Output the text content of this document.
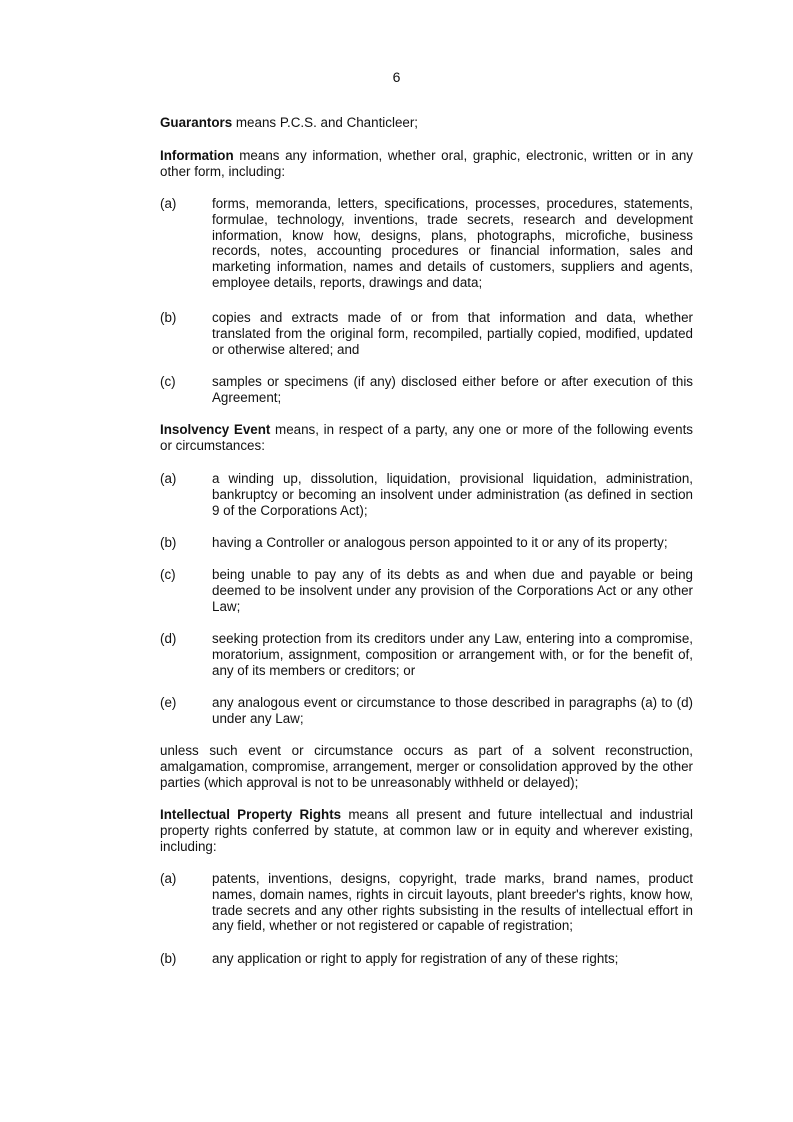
6
Guarantors means P.C.S. and Chanticleer;
Information means any information, whether oral, graphic, electronic, written or in any other form, including:
(a)	forms, memoranda, letters, specifications, processes, procedures, statements, formulae, technology, inventions, trade secrets, research and development information, know how, designs, plans, photographs, microfiche, business records, notes, accounting procedures or financial information, sales and marketing information, names and details of customers, suppliers and agents, employee details, reports, drawings and data;
(b)	copies and extracts made of or from that information and data, whether translated from the original form, recompiled, partially copied, modified, updated or otherwise altered; and
(c)	samples or specimens (if any) disclosed either before or after execution of this Agreement;
Insolvency Event means, in respect of a party, any one or more of the following events or circumstances:
(a)	a winding up, dissolution, liquidation, provisional liquidation, administration, bankruptcy or becoming an insolvent under administration (as defined in section 9 of the Corporations Act);
(b)	having a Controller or analogous person appointed to it or any of its property;
(c)	being unable to pay any of its debts as and when due and payable or being deemed to be insolvent under any provision of the Corporations Act or any other Law;
(d)	seeking protection from its creditors under any Law, entering into a compromise, moratorium, assignment, composition or arrangement with, or for the benefit of, any of its members or creditors; or
(e)	any analogous event or circumstance to those described in paragraphs (a) to (d) under any Law;
unless such event or circumstance occurs as part of a solvent reconstruction, amalgamation, compromise, arrangement, merger or consolidation approved by the other parties (which approval is not to be unreasonably withheld or delayed);
Intellectual Property Rights means all present and future intellectual and industrial property rights conferred by statute, at common law or in equity and wherever existing, including:
(a)	patents, inventions, designs, copyright, trade marks, brand names, product names, domain names, rights in circuit layouts, plant breeder's rights, know how, trade secrets and any other rights subsisting in the results of intellectual effort in any field, whether or not registered or capable of registration;
(b)	any application or right to apply for registration of any of these rights;
